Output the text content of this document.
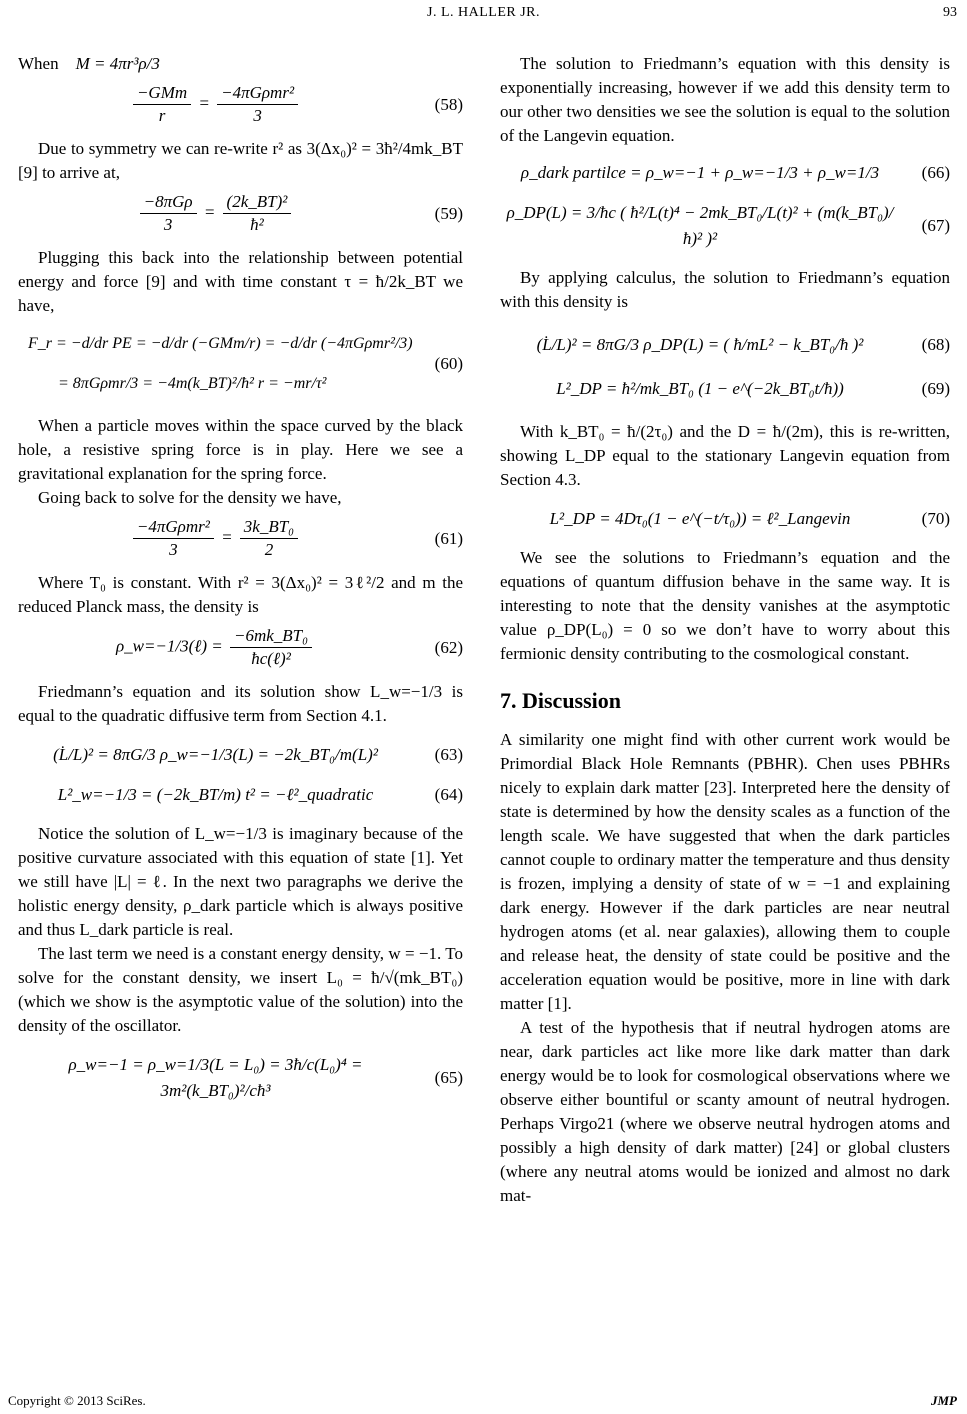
J. L. HALLER JR.	93

When M = 4πr³ρ/3

$\frac{\text{−GMm}}{r} = \frac{\text{−4πGρmr²}}{3}$	(58)

Due to symmetry we can re-write r² as 3(Δx₀)² = 3ħ²/4mk_BT [9] to arrive at,

$\frac{\text{−8πGρ}}{3} = \frac{\text{(2k\_BT)²}}{\text{ħ²}}$	(59)

Plugging this back into the relationship between potential energy and force [9] and with time constant τ = ħ/2k_BT we have,

F_r = −d/dr PE = −d/dr (−GMm/r) = −d/dr (−4πGρmr²/3)
= 8πGρmr/3 = −4m(k_BT)²/ħ² r = −mr/τ²
(60)

When a particle moves within the space curved by the black hole, a resistive spring force is in play. Here we see a gravitational explanation for the spring force.

Going back to solve for the density we have,

$\frac{\text{−4πGρmr²}}{3} = \frac{\text{3k\_BT₀}}{2}$	(61)

Where T₀ is constant. With r² = 3(Δx₀)² = 3ℓ²/2 and m the reduced Planck mass, the density is

ρ_w=−1/3(ℓ) = $\frac{\text{−6mk\_BT₀}}{\text{ħc(ℓ)²}}$	(62)

Friedmann’s equation and its solution show L_w=−1/3 is equal to the quadratic diffusive term from Section 4.1.

(L̇/L)² = 8πG/3 ρ_w=−1/3(L) = −2k_BT₀/m(L)²	(63)
L²_w=−1/3 = (−2k_BT/m) t² = −ℓ²_quadratic	(64)

Notice the solution of L_w=−1/3 is imaginary because of the positive curvature associated with this equation of state [1]. Yet we still have |L| = ℓ. In the next two paragraphs we derive the holistic energy density, ρ_dark particle which is always positive and thus L_dark particle is real.

The last term we need is a constant energy density, w = −1. To solve for the constant density, we insert L₀ = ħ/√(mk_BT₀) (which we show is the asymptotic value of the solution) into the density of the oscillator.

ρ_w=−1 = ρ_w=1/3(L = L₀) = 3ħ/c(L₀)⁴ = 3m²(k_BT₀)²/cħ³
(65)

The solution to Friedmann’s equation with this density is exponentially increasing, however if we add this density term to our other two densities we see the solution is equal to the solution of the Langevin equation.

ρ_dark partilce = ρ_w=−1 + ρ_w=−1/3 + ρ_w=1/3	(66)
ρ_DP(L) = 3/ħc ( ħ²/L(t)⁴ − 2mk_BT₀/L(t)² + (m(k_BT₀)/ħ)² )²
(67)

By applying calculus, the solution to Friedmann’s equation with this density is

(L̇/L)² = 8πG/3 ρ_DP(L) = ( ħ/mL² − k_BT₀/ħ )²	(68)
L²_DP = ħ²/mk_BT₀ (1 − e^(−2k_BT₀t/ħ))	(69)

With k_BT₀ = ħ/(2τ₀) and the D = ħ/(2m), this is re-written, showing L_DP equal to the stationary Langevin equation from Section 4.3.

L²_DP = 4Dτ₀(1 − e^(−t/τ₀)) = ℓ²_Langevin	(70)

We see the solutions to Friedmann’s equation and the equations of quantum diffusion behave in the same way. It is interesting to note that the density vanishes at the asymptotic value ρ_DP(L₀) = 0 so we don’t have to worry about this fermionic density contributing to the cosmological constant.

7. Discussion

A similarity one might find with other current work would be Primordial Black Hole Remnants (PBHR). Chen uses PBHRs nicely to explain dark matter [23]. Interpreted here the density of state is determined by how the density scales as a function of the length scale. We have suggested that when the dark particles cannot couple to ordinary matter the temperature and thus density is frozen, implying a density of state of w = −1 and explaining dark energy. However if the dark particles are near neutral hydrogen atoms (et al. near galaxies), allowing them to couple and release heat, the density of state could be positive and the acceleration equation would be positive, more in line with dark matter [1].

A test of the hypothesis that if neutral hydrogen atoms are near, dark particles act like more like dark matter than dark energy would be to look for cosmological observations where we observe either bountiful or scanty amount of neutral hydrogen. Perhaps Virgo21 (where we observe neutral hydrogen atoms and possibly a high density of dark matter) [24] or global clusters (where any neutral atoms would be ionized and almost no dark mat-

Copyright © 2013 SciRes.	JMP
